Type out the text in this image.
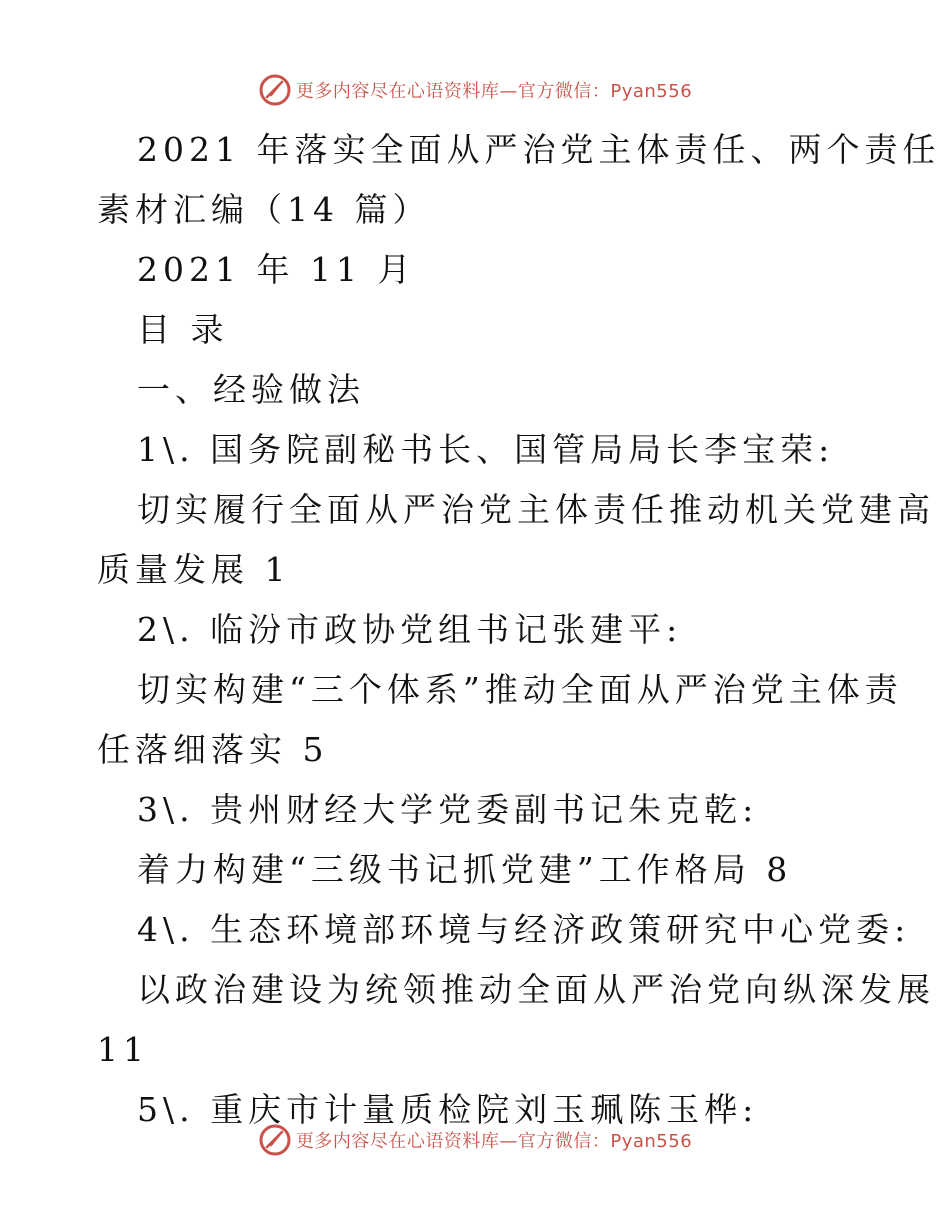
更多内容尽在心语资料库—官方微信：Pyan556
2021 年落实全面从严治党主体责任、两个责任
素材汇编（14 篇）
2021 年 11 月
目 录
一、经验做法
1\. 国务院副秘书长、国管局局长李宝荣:
切实履行全面从严治党主体责任推动机关党建高
质量发展 1
2\. 临汾市政协党组书记张建平:
切实构建“三个体系”推动全面从严治党主体责
任落细落实 5
3\. 贵州财经大学党委副书记朱克乾:
着力构建“三级书记抓党建”工作格局 8
4\. 生态环境部环境与经济政策研究中心党委:
以政治建设为统领推动全面从严治党向纵深发展
11
5\. 重庆市计量质检院刘玉珮陈玉桦:
更多内容尽在心语资料库—官方微信：Pyan556
